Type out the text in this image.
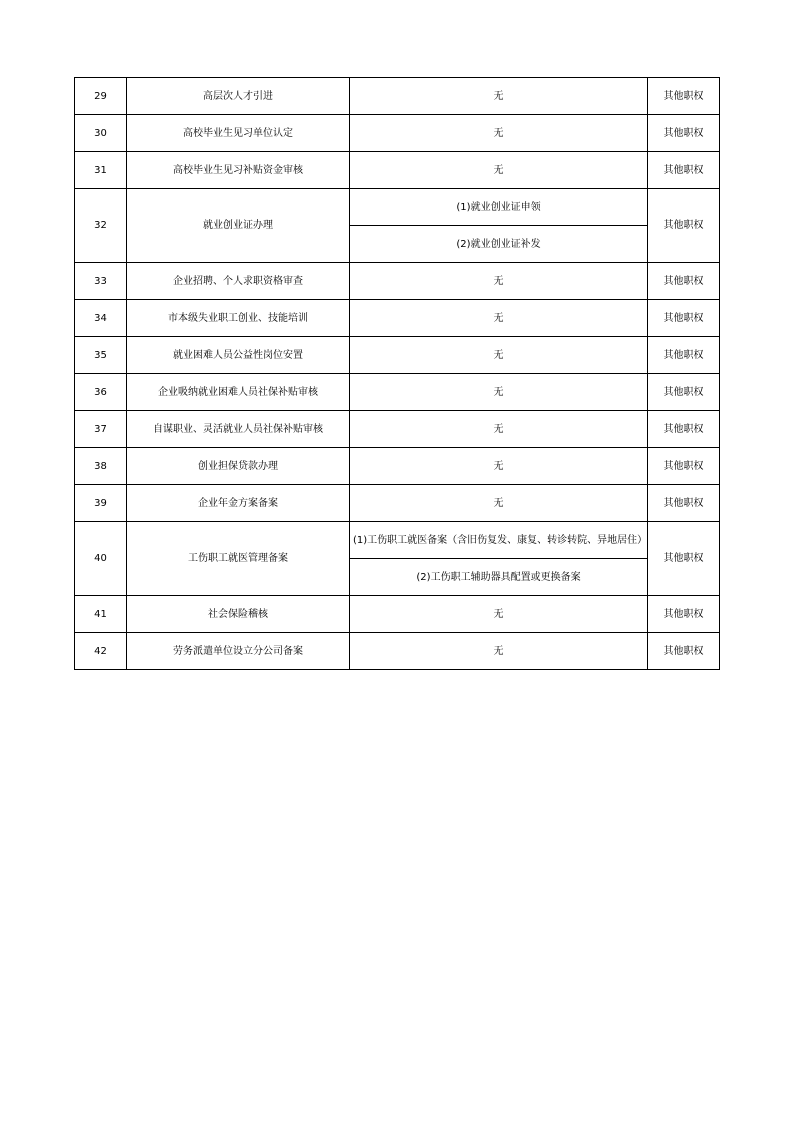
29	高层次人才引进	无	其他职权
30	高校毕业生见习单位认定	无	其他职权
31	高校毕业生见习补贴资金审核	无	其他职权
32	就业创业证办理	(1)就业创业证申领	其他职权
		(2)就业创业证补发	
33	企业招聘、个人求职资格审查	无	其他职权
34	市本级失业职工创业、技能培训	无	其他职权
35	就业困难人员公益性岗位安置	无	其他职权
36	企业吸纳就业困难人员社保补贴审核	无	其他职权
37	自谋职业、灵活就业人员社保补贴审核	无	其他职权
38	创业担保贷款办理	无	其他职权
39	企业年金方案备案	无	其他职权
40	工伤职工就医管理备案	(1)工伤职工就医备案（含旧伤复发、康复、转诊转院、异地居住）	其他职权
		(2)工伤职工辅助器具配置或更换备案	
41	社会保险稽核	无	其他职权
42	劳务派遣单位设立分公司备案	无	其他职权
